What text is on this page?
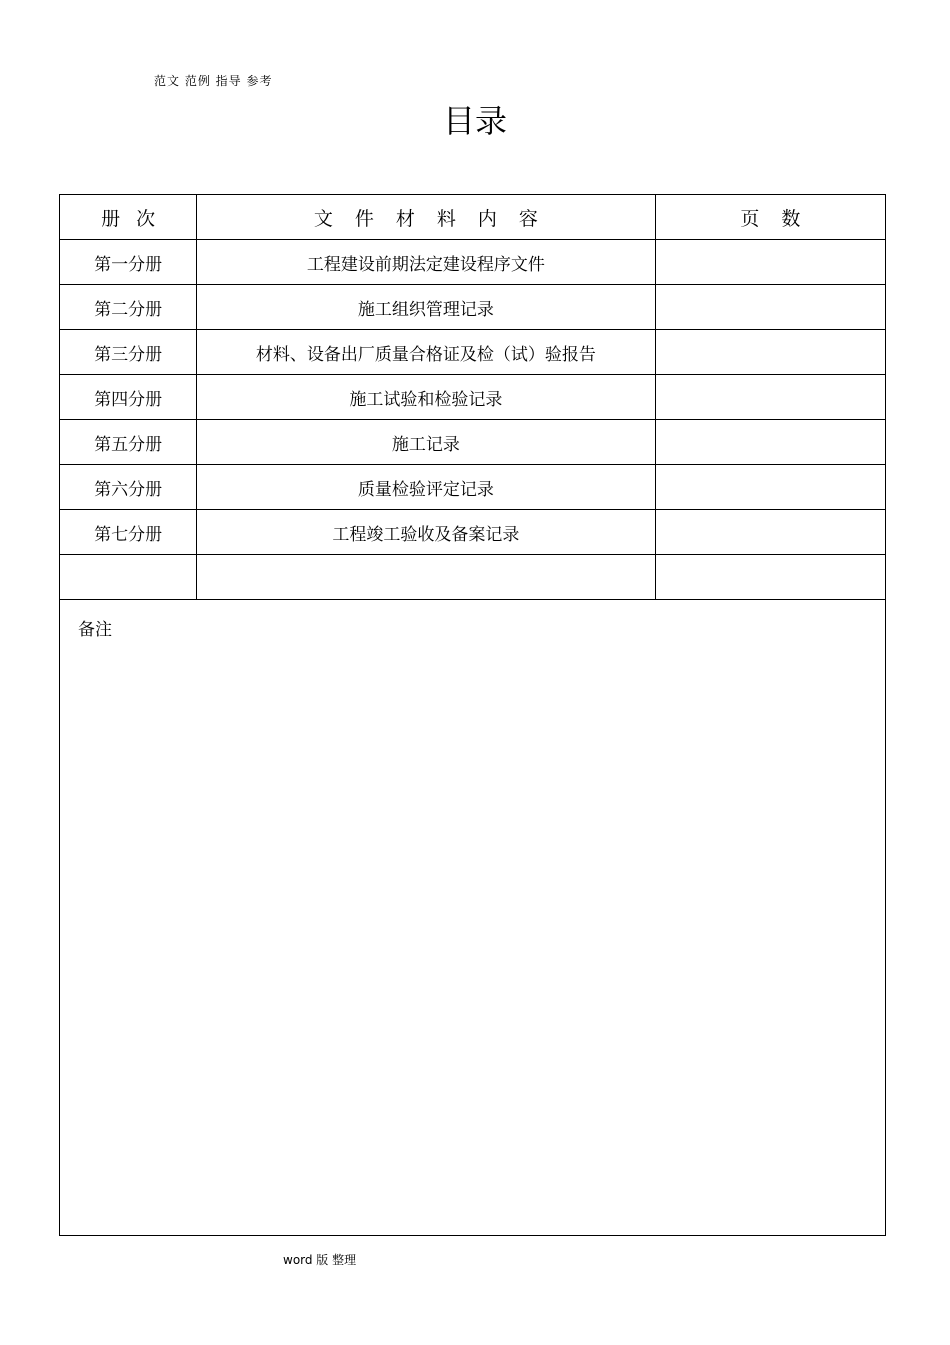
范文 范例 指导 参考
目录
册次	文件材料内容	页数
第一分册	工程建设前期法定建设程序文件	
第二分册	施工组织管理记录	
第三分册	材料、设备出厂质量合格证及检（试）验报告	
第四分册	施工试验和检验记录	
第五分册	施工记录	
第六分册	质量检验评定记录	
第七分册	工程竣工验收及备案记录	

备注
word 版 整理
